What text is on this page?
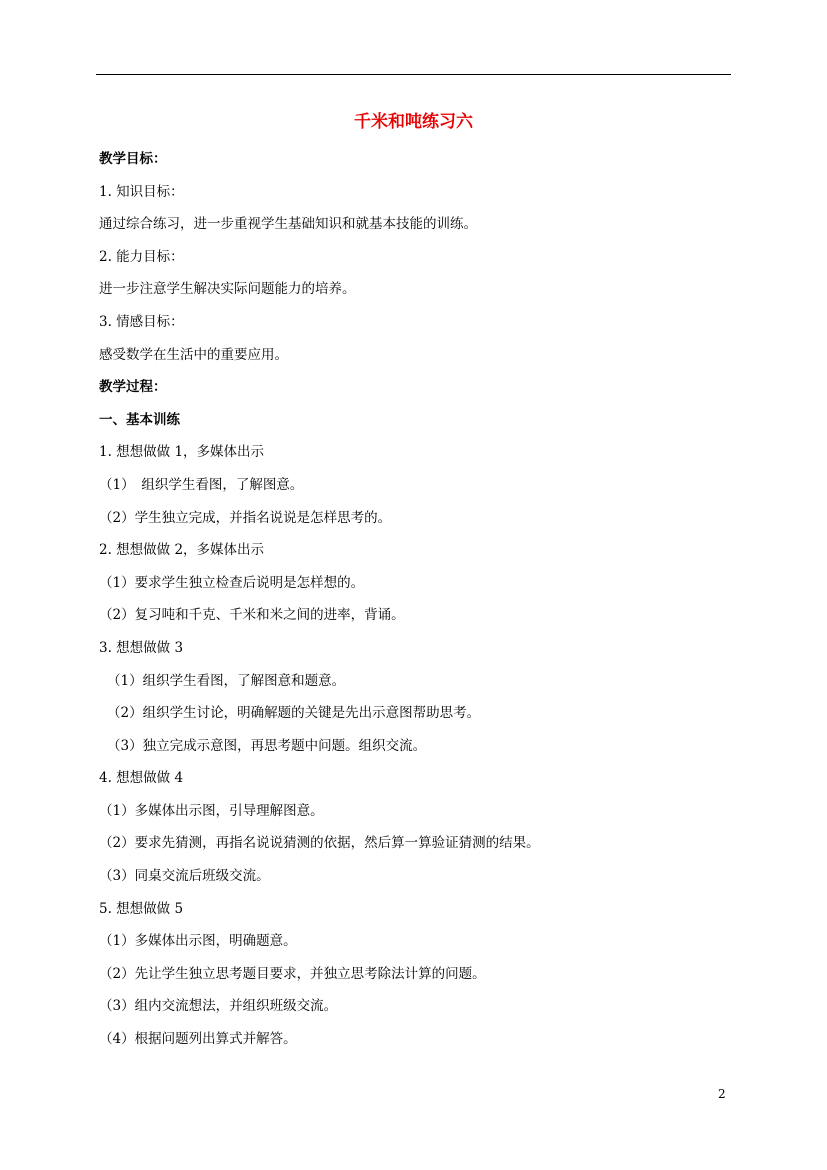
千米和吨练习六
教学目标：
1. 知识目标：
通过综合练习，进一步重视学生基础知识和就基本技能的训练。
2. 能力目标：
进一步注意学生解决实际问题能力的培养。
3. 情感目标：
感受数学在生活中的重要应用。
教学过程：
一、基本训练
1. 想想做做 1，多媒体出示
（1）　组织学生看图，了解图意。
（2）学生独立完成，并指名说说是怎样思考的。
2. 想想做做 2，多媒体出示
（1）要求学生独立检查后说明是怎样想的。
（2）复习吨和千克、千米和米之间的进率，背诵。
3. 想想做做 3
（1）组织学生看图，了解图意和题意。
（2）组织学生讨论，明确解题的关键是先出示意图帮助思考。
（3）独立完成示意图，再思考题中问题。组织交流。
4. 想想做做 4
（1）多媒体出示图，引导理解图意。
（2）要求先猜测，再指名说说猜测的依据，然后算一算验证猜测的结果。
（3）同桌交流后班级交流。
5. 想想做做 5
（1）多媒体出示图，明确题意。
（2）先让学生独立思考题目要求，并独立思考除法计算的问题。
（3）组内交流想法，并组织班级交流。
（4）根据问题列出算式并解答。
2
